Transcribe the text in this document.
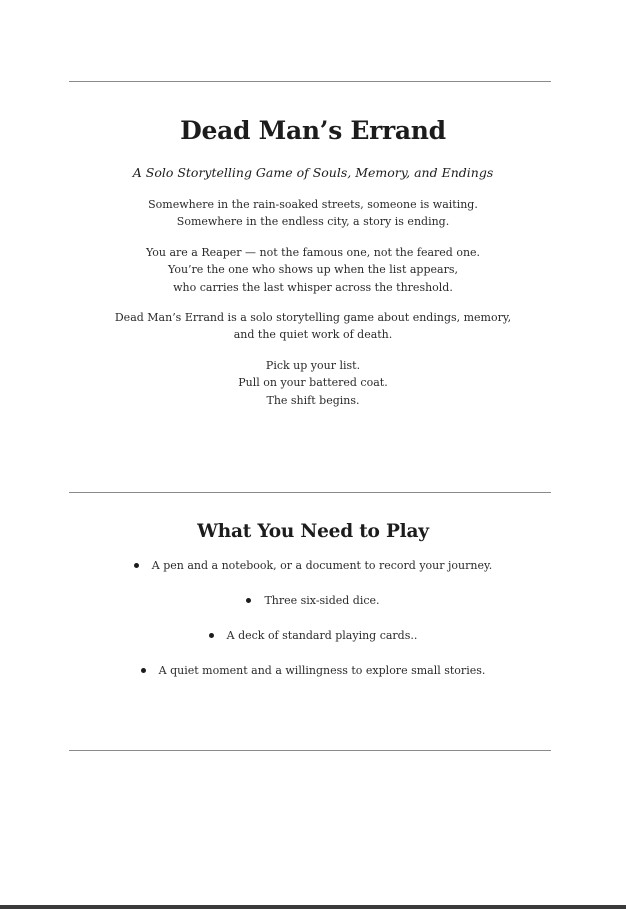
Dead Man’s Errand
A Solo Storytelling Game of Souls, Memory, and Endings
Somewhere in the rain-soaked streets, someone is waiting.
Somewhere in the endless city, a story is ending.
You are a Reaper — not the famous one, not the feared one.
You’re the one who shows up when the list appears,
who carries the last whisper across the threshold.
Dead Man’s Errand is a solo storytelling game about endings, memory,
and the quiet work of death.
Pick up your list.
Pull on your battered coat.
The shift begins.
What You Need to Play
A pen and a notebook, or a document to record your journey.
Three six-sided dice.
A deck of standard playing cards..
A quiet moment and a willingness to explore small stories.
